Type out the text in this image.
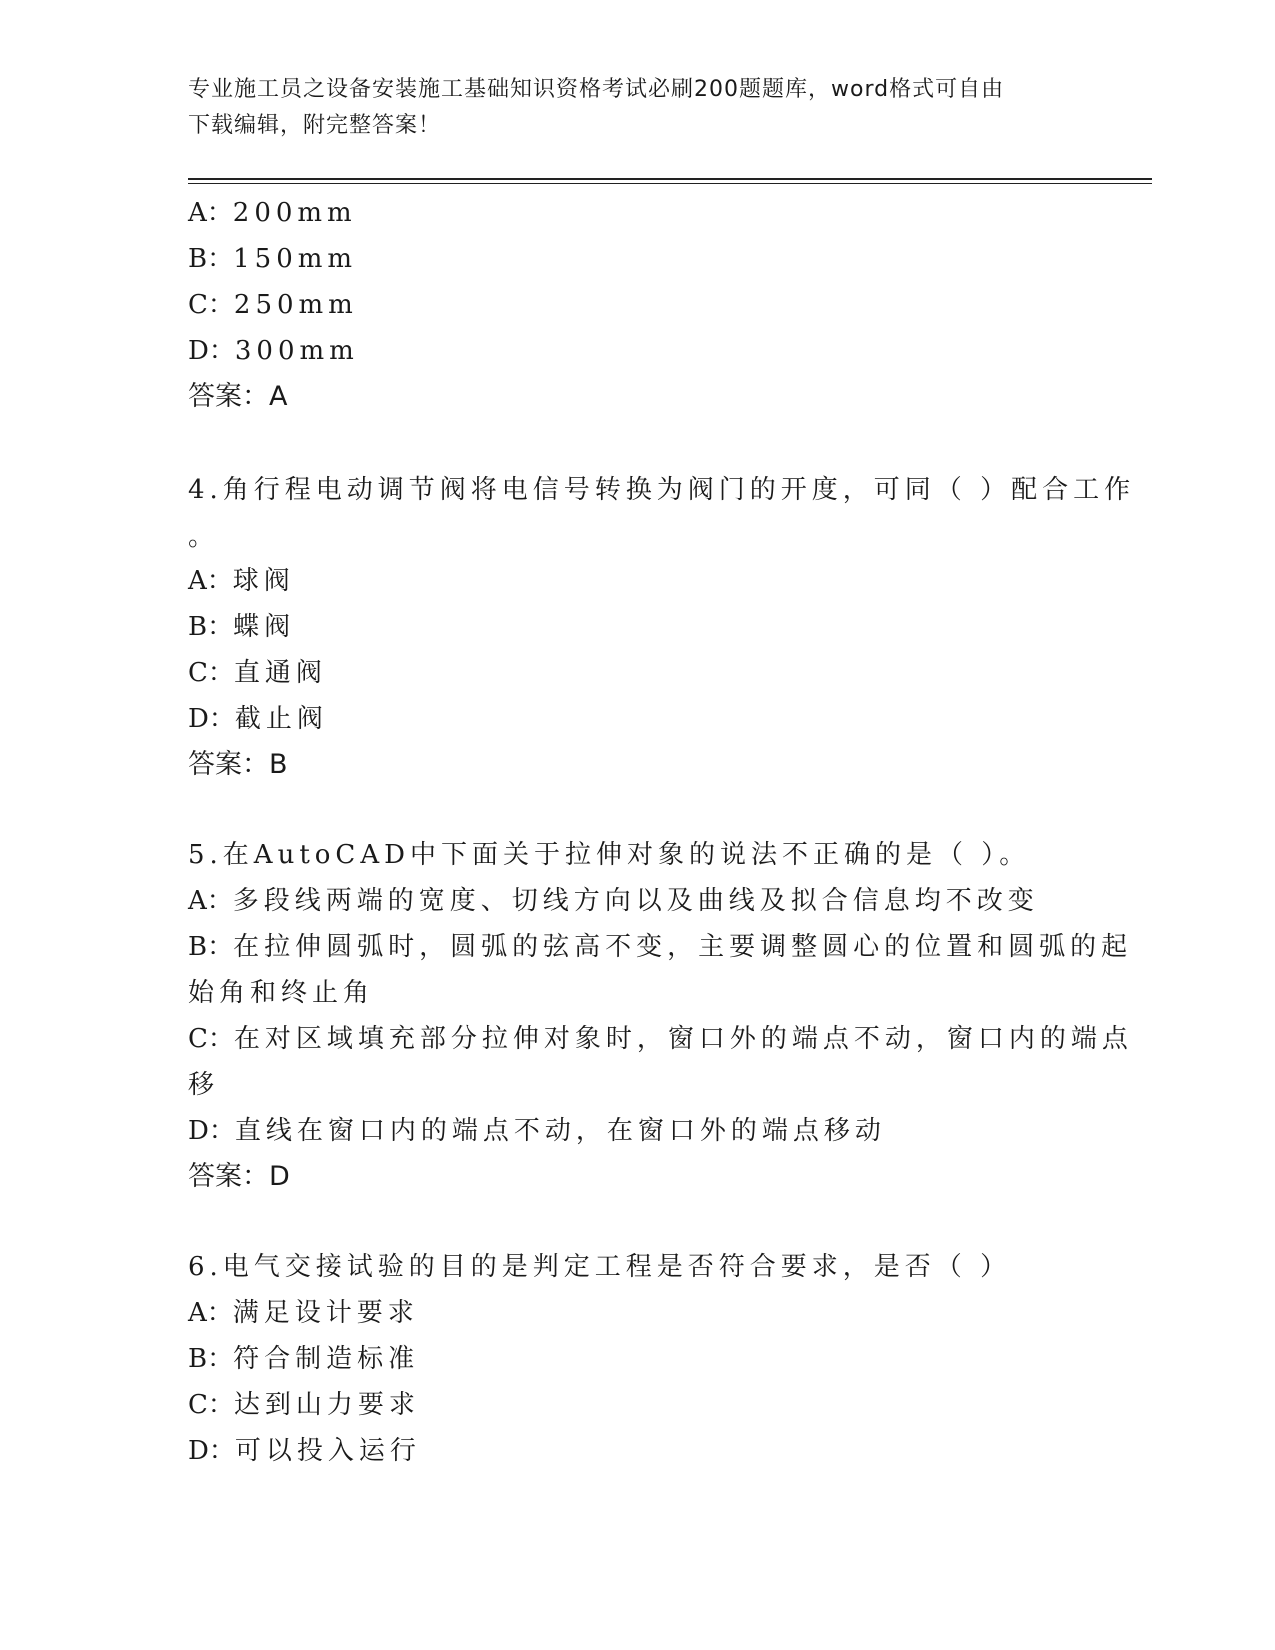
专业施工员之设备安装施工基础知识资格考试必刷200题题库，word格式可自由
下载编辑，附完整答案！
A：200mm
B：150mm
C：250mm
D：300mm
答案：A
4.角行程电动调节阀将电信号转换为阀门的开度，可同（ ）配合工作
。
A：球阀
B：蝶阀
C：直通阀
D：截止阀
答案：B
5.在AutoCAD中下面关于拉伸对象的说法不正确的是（ ）。
A：多段线两端的宽度、切线方向以及曲线及拟合信息均不改变
B：在拉伸圆弧时，圆弧的弦高不变，主要调整圆心的位置和圆弧的起
始角和终止角
C：在对区域填充部分拉伸对象时，窗口外的端点不动，窗口内的端点
移
D：直线在窗口内的端点不动，在窗口外的端点移动
答案：D
6.电气交接试验的目的是判定工程是否符合要求，是否（ ）
A：满足设计要求
B：符合制造标准
C：达到山力要求
D：可以投入运行
